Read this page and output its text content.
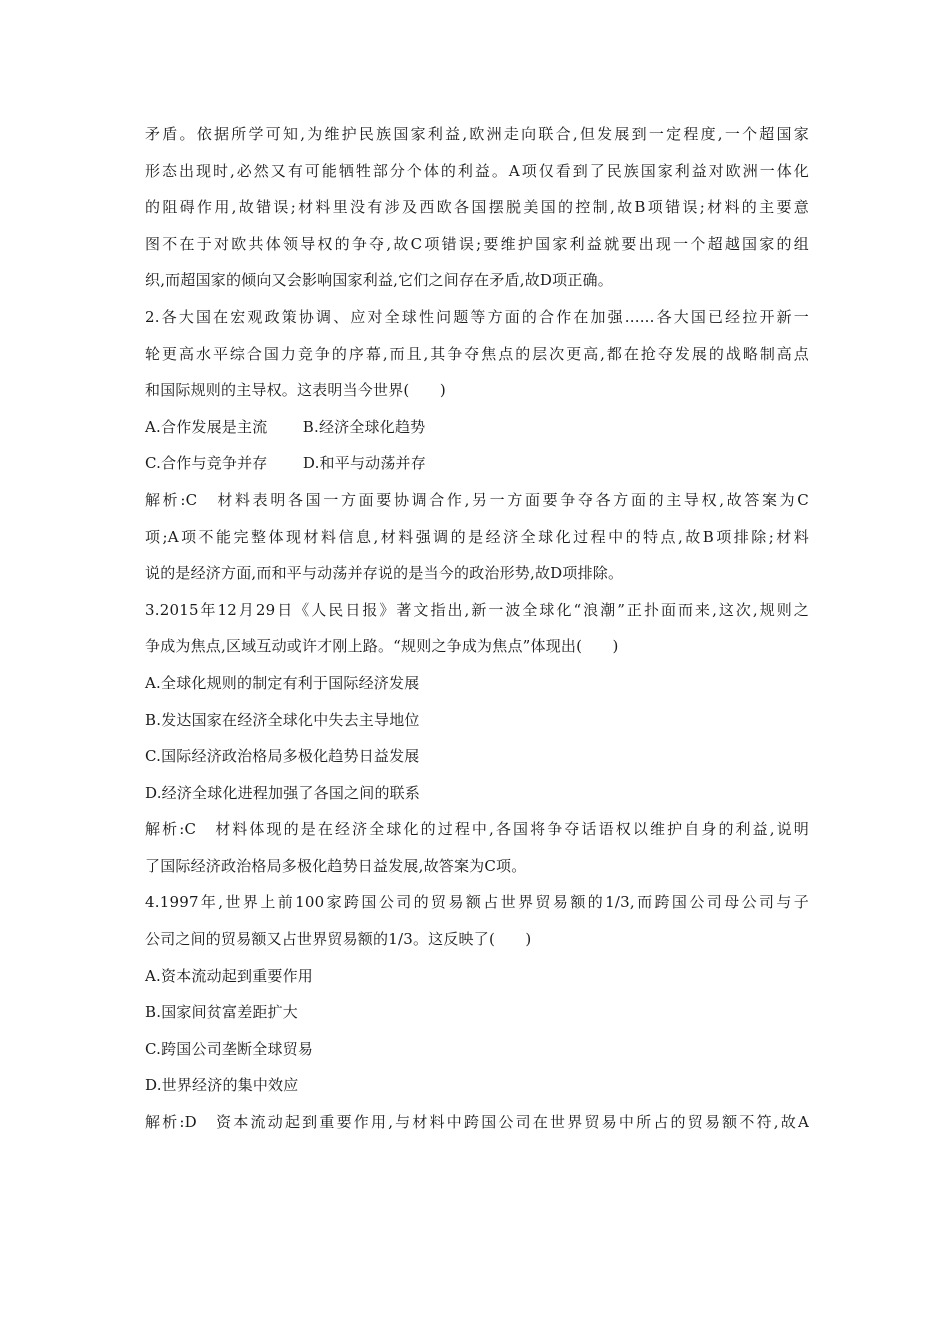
矛盾。依据所学可知,为维护民族国家利益,欧洲走向联合,但发展到一定程度,一个超国家
形态出现时,必然又有可能牺牲部分个体的利益。A项仅看到了民族国家利益对欧洲一体化
的阻碍作用,故错误;材料里没有涉及西欧各国摆脱美国的控制,故B项错误;材料的主要意
图不在于对欧共体领导权的争夺,故C项错误;要维护国家利益就要出现一个超越国家的组
织,而超国家的倾向又会影响国家利益,它们之间存在矛盾,故D项正确。
2.各大国在宏观政策协调、应对全球性问题等方面的合作在加强......各大国已经拉开新一
轮更高水平综合国力竞争的序幕,而且,其争夺焦点的层次更高,都在抢夺发展的战略制高点
和国际规则的主导权。这表明当今世界(　　)
A.合作发展是主流　　 B.经济全球化趋势
C.合作与竞争并存　　 D.和平与动荡并存
解析:C　材料表明各国一方面要协调合作,另一方面要争夺各方面的主导权,故答案为C
项;A项不能完整体现材料信息,材料强调的是经济全球化过程中的特点,故B项排除;材料
说的是经济方面,而和平与动荡并存说的是当今的政治形势,故D项排除。
3.2015年12月29日《人民日报》著文指出,新一波全球化“浪潮”正扑面而来,这次,规则之
争成为焦点,区域互动或许才刚上路。“规则之争成为焦点”体现出(　　)
A.全球化规则的制定有利于国际经济发展
B.发达国家在经济全球化中失去主导地位
C.国际经济政治格局多极化趋势日益发展
D.经济全球化进程加强了各国之间的联系
解析:C　材料体现的是在经济全球化的过程中,各国将争夺话语权以维护自身的利益,说明
了国际经济政治格局多极化趋势日益发展,故答案为C项。
4.1997年,世界上前100家跨国公司的贸易额占世界贸易额的1/3,而跨国公司母公司与子
公司之间的贸易额又占世界贸易额的1/3。这反映了(　　)
A.资本流动起到重要作用
B.国家间贫富差距扩大
C.跨国公司垄断全球贸易
D.世界经济的集中效应
解析:D　资本流动起到重要作用,与材料中跨国公司在世界贸易中所占的贸易额不符,故A
